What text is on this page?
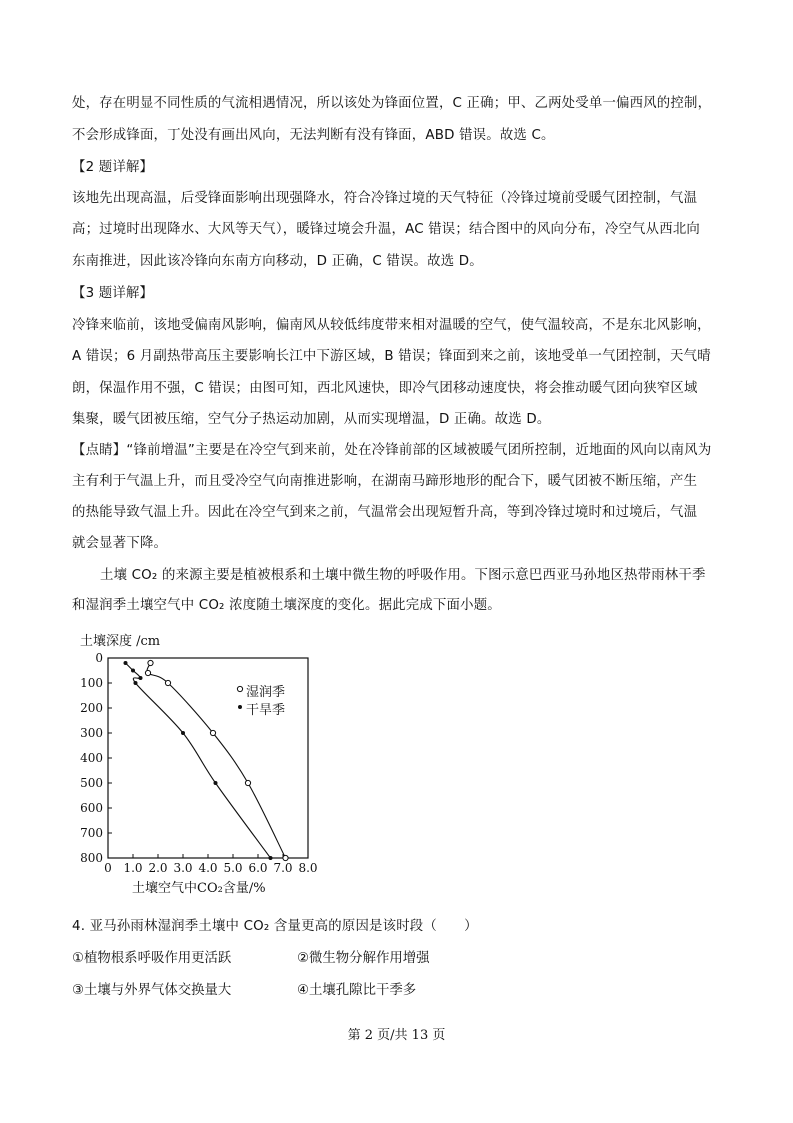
处，存在明显不同性质的气流相遇情况，所以该处为锋面位置，C 正确；甲、乙两处受单一偏西风的控制，
不会形成锋面，丁处没有画出风向，无法判断有没有锋面，ABD 错误。故选 C。
【2 题详解】
该地先出现高温，后受锋面影响出现强降水，符合冷锋过境的天气特征（冷锋过境前受暖气团控制，气温
高；过境时出现降水、大风等天气），暖锋过境会升温，AC 错误；结合图中的风向分布，冷空气从西北向
东南推进，因此该冷锋向东南方向移动，D 正确，C 错误。故选 D。
【3 题详解】
冷锋来临前，该地受偏南风影响，偏南风从较低纬度带来相对温暖的空气，使气温较高，不是东北风影响，
A 错误；6 月副热带高压主要影响长江中下游区域，B 错误；锋面到来之前，该地受单一气团控制，天气晴
朗，保温作用不强，C 错误；由图可知，西北风速快，即冷气团移动速度快，将会推动暖气团向狭窄区域
集聚，暖气团被压缩，空气分子热运动加剧，从而实现增温，D 正确。故选 D。
【点睛】“锋前增温”主要是在冷空气到来前，处在冷锋前部的区域被暖气团所控制，近地面的风向以南风为
主有利于气温上升，而且受冷空气向南推进影响，在湖南马蹄形地形的配合下，暖气团被不断压缩，产生
的热能导致气温上升。因此在冷空气到来之前，气温常会出现短暂升高，等到冷锋过境时和过境后，气温
就会显著下降。
土壤 CO₂ 的来源主要是植被根系和土壤中微生物的呼吸作用。下图示意巴西亚马孙地区热带雨林干季
和湿润季土壤空气中 CO₂ 浓度随土壤深度的变化。据此完成下面小题。
土壤深度 /cm
0 1.0 2.0 3.0 4.0 5.0 6.0 7.0 8.0
0
100
200
300
400
500
600
700
800
土壤空气中CO₂含量/%
湿润季
干旱季
4. 亚马孙雨林湿润季土壤中 CO₂ 含量更高的原因是该时段（　　）
①植物根系呼吸作用更活跃	②微生物分解作用增强
③土壤与外界气体交换量大	④土壤孔隙比干季多
第 2 页/共 13 页
